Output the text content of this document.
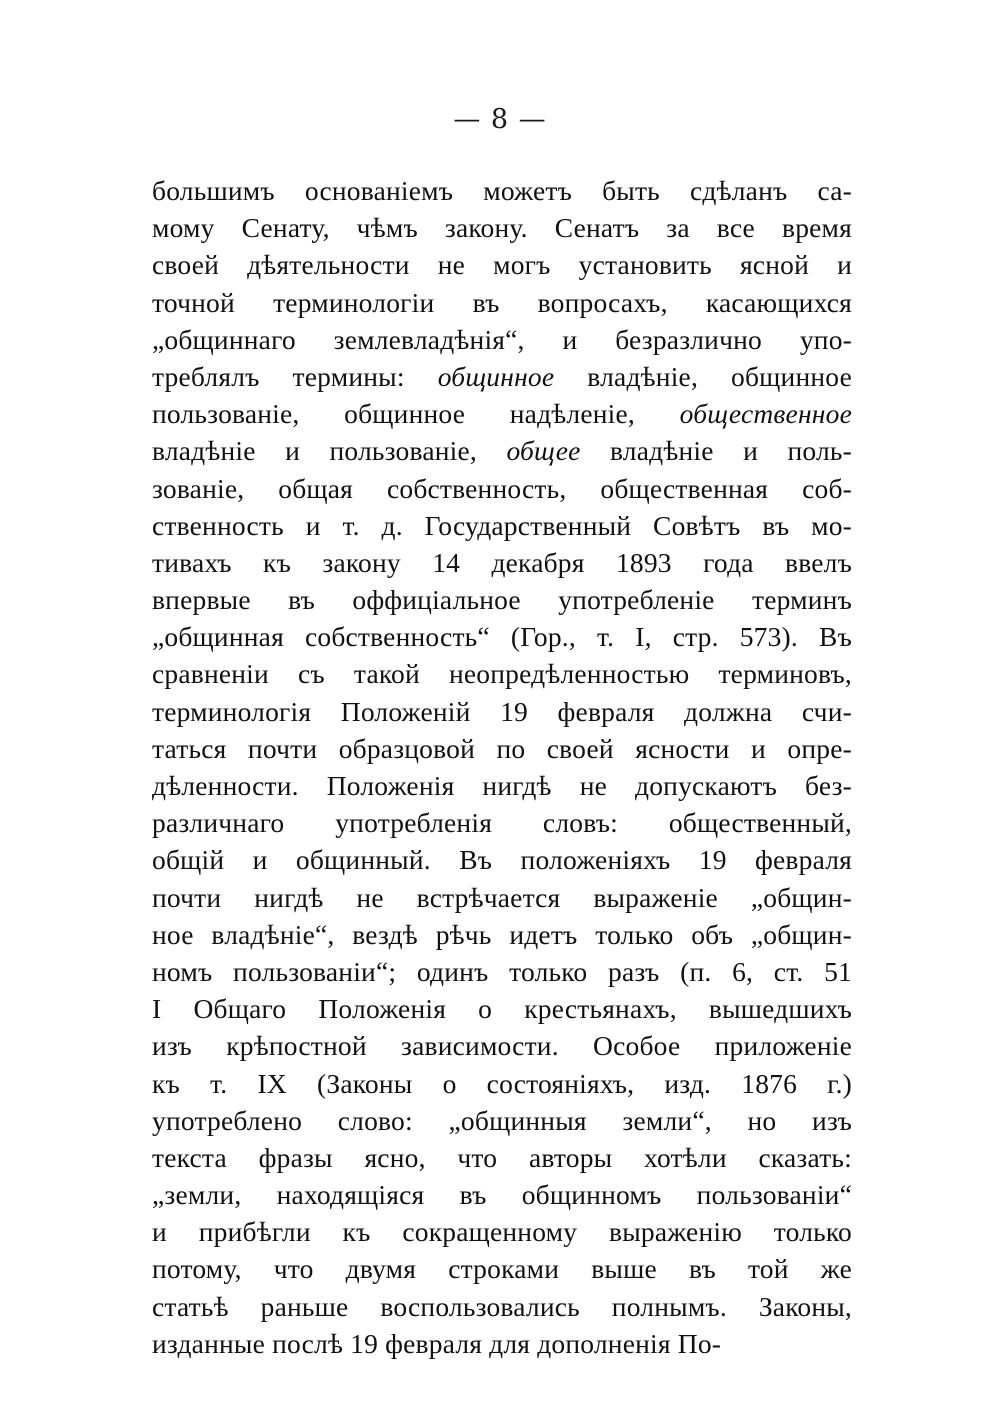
— 8 —
большимъ основаніемъ можетъ быть сдѣланъ са-
мому Сенату, чѣмъ закону. Сенатъ за все время
своей дѣятельности не могъ установить ясной и
точной терминологіи въ вопросахъ, касающихся
„общиннаго землевладѣнія“, и безразлично упо-
треблялъ термины: общинное владѣніе, общинное
пользованіе, общинное надѣленіе, общественное
владѣніе и пользованіе, общее владѣніе и поль-
зованіе, общая собственность, общественная соб-
ственность и т. д. Государственный Совѣтъ въ мо-
тивахъ къ закону 14 декабря 1893 года ввелъ
впервые въ оффиціальное употребленіе терминъ
„общинная собственность“ (Гор., т. I, стр. 573). Въ
сравненіи съ такой неопредѣленностью терминовъ,
терминологія Положеній 19 февраля должна счи-
таться почти образцовой по своей ясности и опре-
дѣленности. Положенія нигдѣ не допускаютъ без-
различнаго употребленія словъ: общественный,
общій и общинный. Въ положеніяхъ 19 февраля
почти нигдѣ не встрѣчается выраженіе „общин-
ное владѣніе“, вездѣ рѣчь идетъ только объ „общин-
номъ пользованіи“; одинъ только разъ (п. 6, ст. 51
I Общаго Положенія о крестьянахъ, вышедшихъ
изъ крѣпостной зависимости. Особое приложеніе
къ т. IX (Законы о состояніяхъ, изд. 1876 г.)
употреблено слово: „общинныя земли“, но изъ
текста фразы ясно, что авторы хотѣли сказать:
„земли, находящіяся въ общинномъ пользованіи“
и прибѣгли къ сокращенному выраженію только
потому, что двумя строками выше въ той же
статьѣ раньше воспользовались полнымъ. Законы,
изданные послѣ 19 февраля для дополненія По-
